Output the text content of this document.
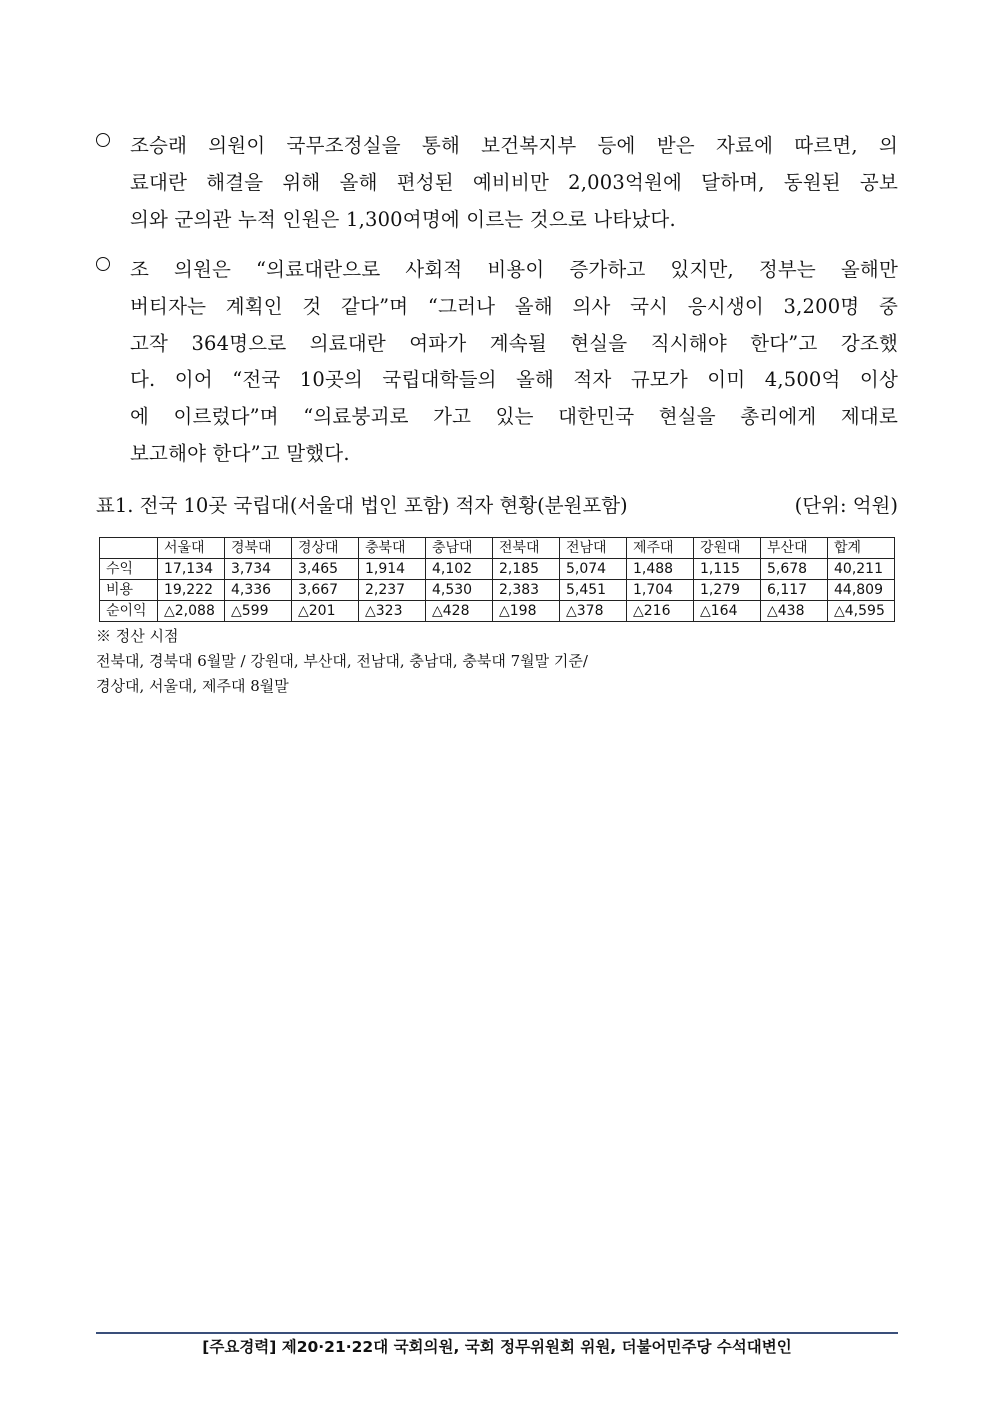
조승래 의원이 국무조정실을 통해 보건복지부 등에 받은 자료에 따르면, 의
료대란 해결을 위해 올해 편성된 예비비만 2,003억원에 달하며, 동원된 공보
의와 군의관 누적 인원은 1,300여명에 이르는 것으로 나타났다.
조 의원은 “의료대란으로 사회적 비용이 증가하고 있지만, 정부는 올해만
버티자는 계획인 것 같다”며 “그러나 올해 의사 국시 응시생이 3,200명 중
고작 364명으로 의료대란 여파가 계속될 현실을 직시해야 한다”고 강조했
다. 이어 “전국 10곳의 국립대학들의 올해 적자 규모가 이미 4,500억 이상
에 이르렀다”며 “의료붕괴로 가고 있는 대한민국 현실을 총리에게 제대로
보고해야 한다”고 말했다.
표1. 전국 10곳 국립대(서울대 법인 포함) 적자 현황(분원포함)	(단위: 억원)
	서울대	경북대	경상대	충북대	충남대	전북대	전남대	제주대	강원대	부산대	합계
수익	17,134	3,734	3,465	1,914	4,102	2,185	5,074	1,488	1,115	5,678	40,211
비용	19,222	4,336	3,667	2,237	4,530	2,383	5,451	1,704	1,279	6,117	44,809
순이익	△2,088	△599	△201	△323	△428	△198	△378	△216	△164	△438	△4,595
※ 정산 시점
전북대, 경북대 6월말 / 강원대, 부산대, 전남대, 충남대, 충북대 7월말 기준/
경상대, 서울대, 제주대 8월말
[주요경력] 제20·21·22대 국회의원, 국회 정무위원회 위원, 더불어민주당 수석대변인
